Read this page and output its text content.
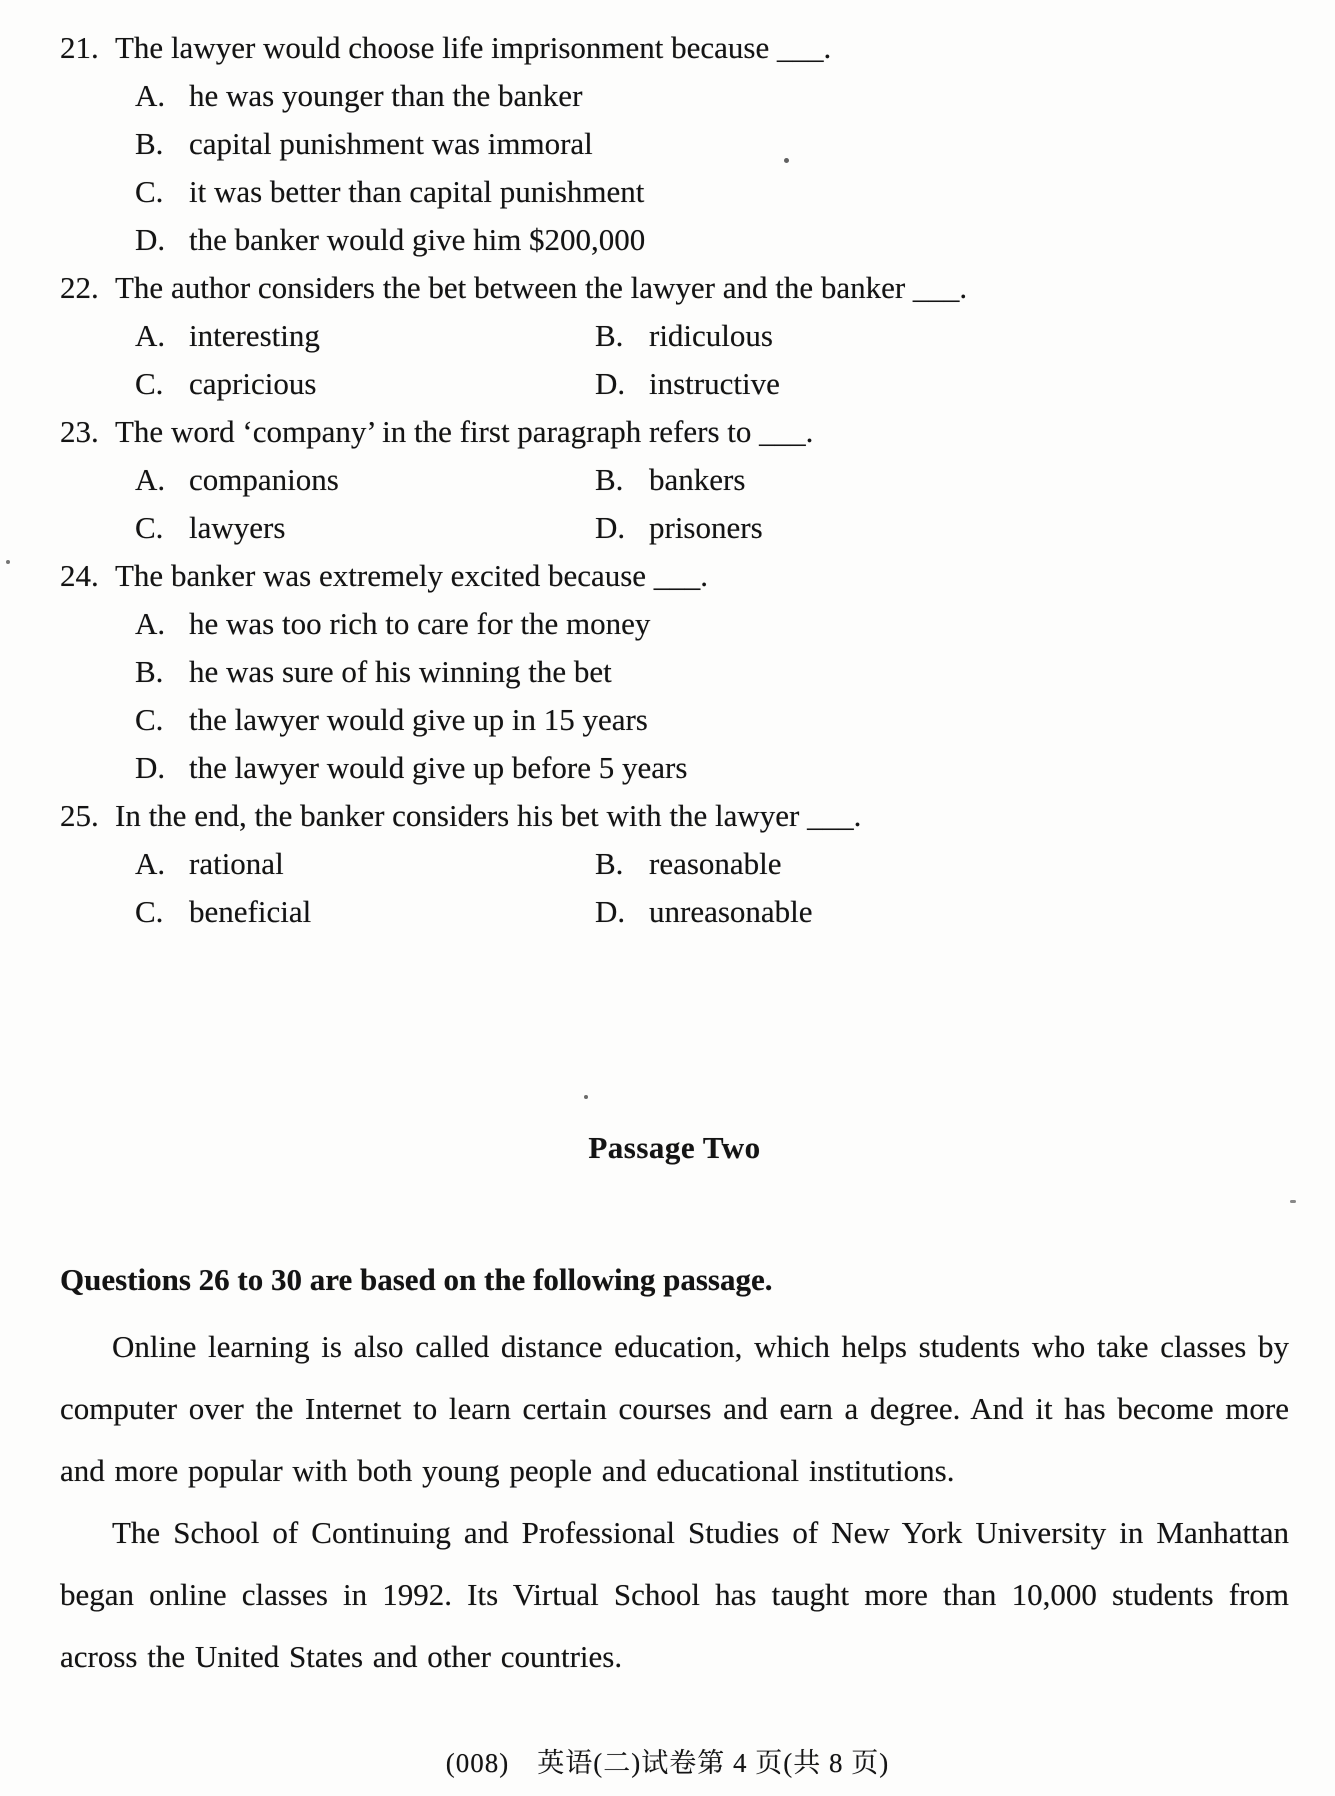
21. The lawyer would choose life imprisonment because ___.
A. he was younger than the banker
B. capital punishment was immoral
C. it was better than capital punishment
D. the banker would give him $200,000
22. The author considers the bet between the lawyer and the banker ___.
A. interesting	B. ridiculous
C. capricious	D. instructive
23. The word ‘company’ in the first paragraph refers to ___.
A. companions	B. bankers
C. lawyers	D. prisoners
24. The banker was extremely excited because ___.
A. he was too rich to care for the money
B. he was sure of his winning the bet
C. the lawyer would give up in 15 years
D. the lawyer would give up before 5 years
25. In the end, the banker considers his bet with the lawyer ___.
A. rational	B. reasonable
C. beneficial	D. unreasonable
Passage Two
Questions 26 to 30 are based on the following passage.

Online learning is also called distance education, which helps students who take classes by computer over the Internet to learn certain courses and earn a degree. And it has become more and more popular with both young people and educational institutions.

The School of Continuing and Professional Studies of New York University in Manhattan began online classes in 1992. Its Virtual School has taught more than 10,000 students from across the United States and other countries.

(008)　英语(二)试卷第 4 页(共 8 页)
